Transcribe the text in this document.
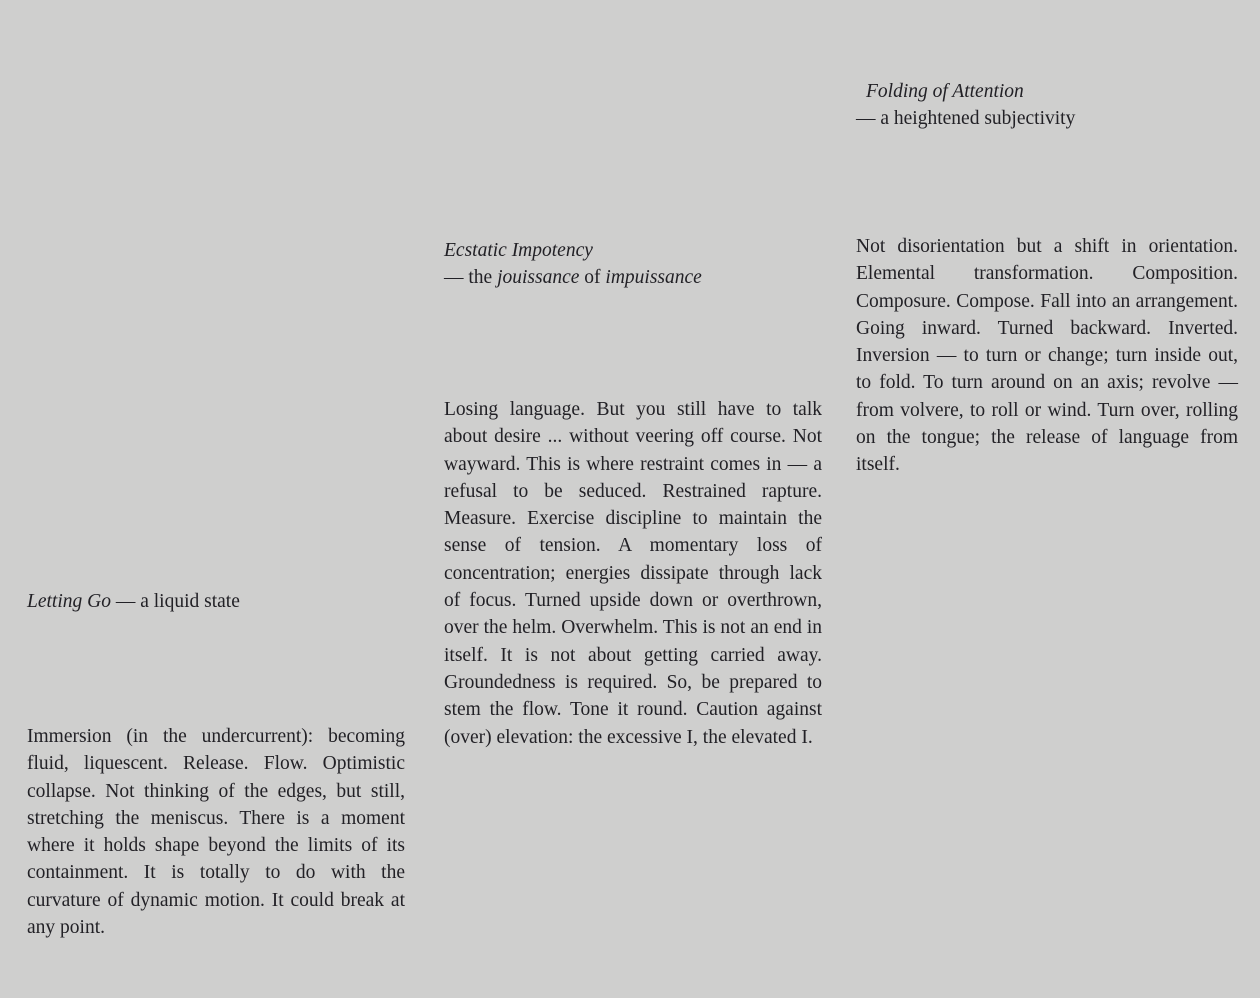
Letting Go — a liquid state

Immersion (in the undercurrent): becoming fluid, liquescent. Release. Flow. Optimistic collapse. Not thinking of the edges, but still, stretching the meniscus. There is a moment where it holds shape beyond the limits of its containment. It is totally to do with the curvature of dynamic motion. It could break at any point.

Ecstatic Impotency
— the jouissance of impuissance

Losing language. But you still have to talk about desire ... without veering off course. Not wayward. This is where restraint comes in — a refusal to be seduced. Restrained rapture. Measure. Exercise discipline to maintain the sense of tension. A momentary loss of concentration; energies dissipate through lack of focus. Turned upside down or overthrown, over the helm. Overwhelm. This is not an end in itself. It is not about getting carried away. Groundedness is required. So, be prepared to stem the flow. Tone it round. Caution against (over) elevation: the excessive I, the elevated I.

Folding of Attention
— a heightened subjectivity

Not disorientation but a shift in orientation. Elemental transformation. Composition. Composure. Compose. Fall into an arrangement. Going inward. Turned backward. Inverted. Inversion — to turn or change; turn inside out, to fold. To turn around on an axis; revolve — from volvere, to roll or wind. Turn over, rolling on the tongue; the release of language from itself.
